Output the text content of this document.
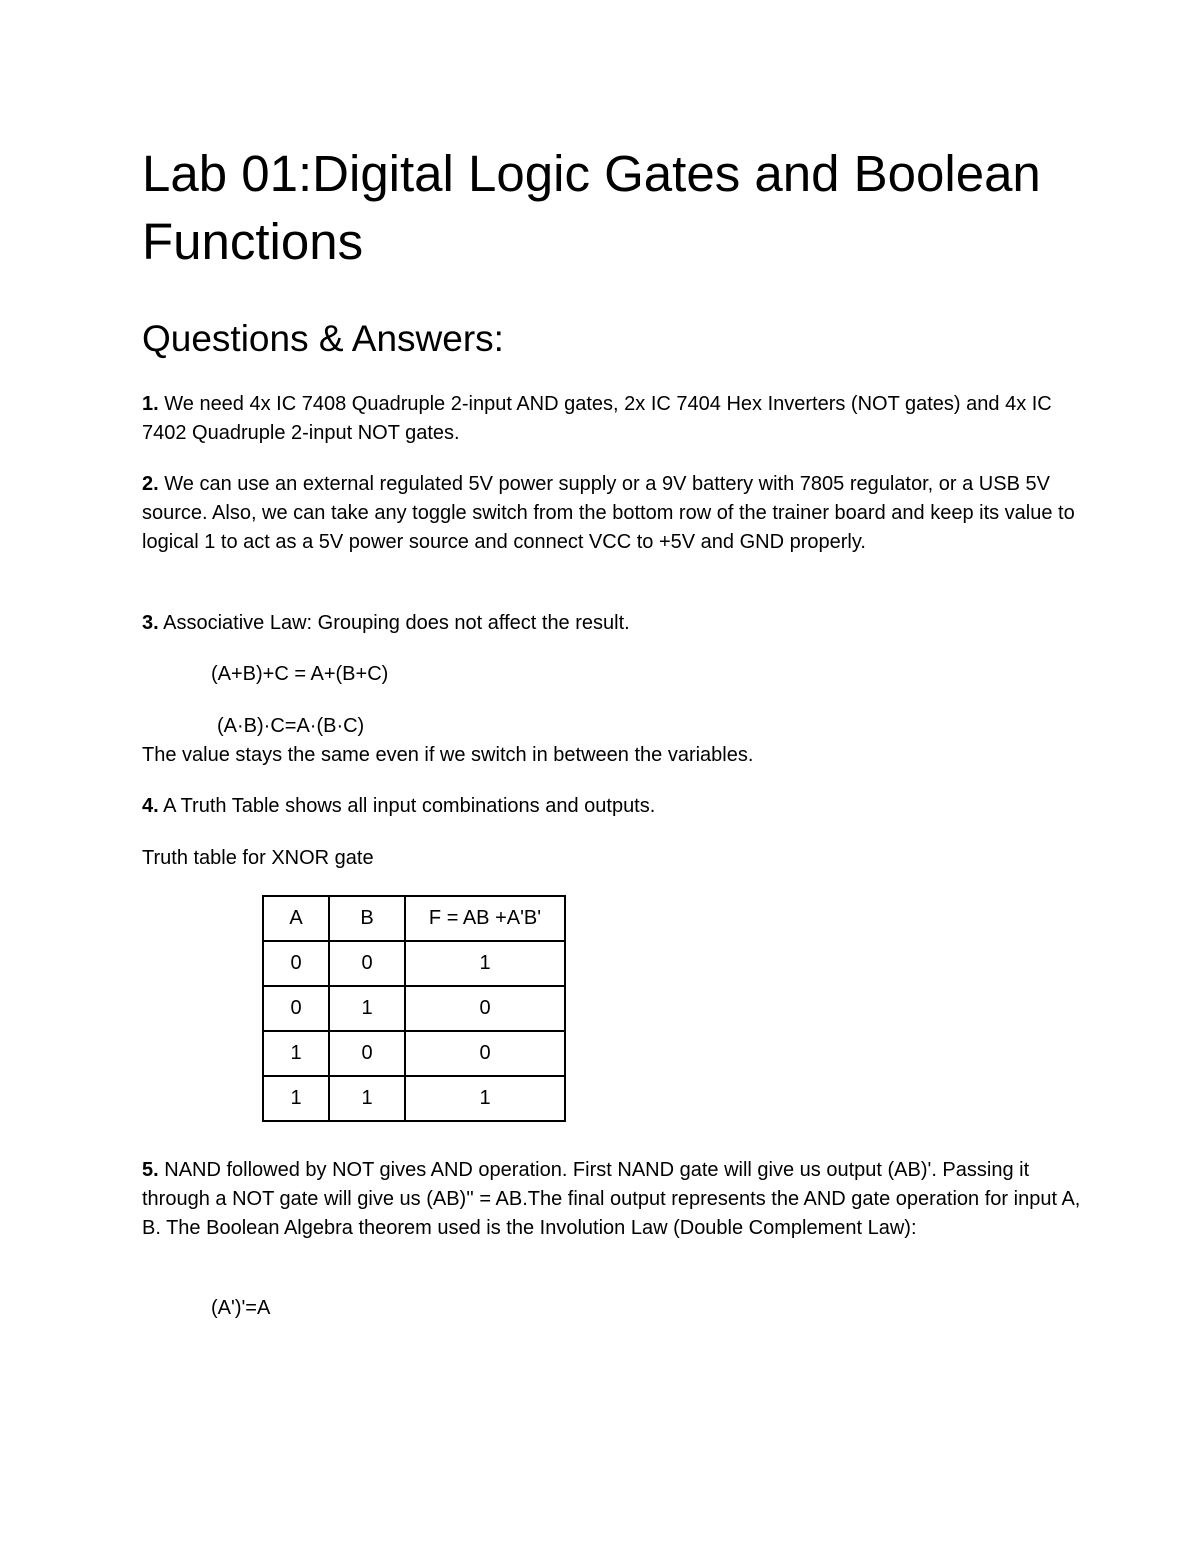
Lab 01:Digital Logic Gates and Boolean Functions
Questions & Answers:

1. We need 4x IC 7408 Quadruple 2-input AND gates, 2x IC 7404 Hex Inverters (NOT gates) and 4x IC 7402 Quadruple 2-input NOT gates.

2. We can use an external regulated 5V power supply or a 9V battery with 7805 regulator, or a USB 5V source. Also, we can take any toggle switch from the bottom row of the trainer board and keep its value to logical 1 to act as a 5V power source and connect VCC to +5V and GND properly.

3. Associative Law: Grouping does not affect the result.

(A+B)+C = A+(B+C)

(A·B)·C=A·(B·C)

The value stays the same even if we switch in between the variables.

4. A Truth Table shows all input combinations and outputs.

Truth table for XNOR gate

A	B	F = AB +A'B'
0	0	1
0	1	0
1	0	0
1	1	1

5. NAND followed by NOT gives AND operation. First NAND gate will give us output (AB)'. Passing it through a NOT gate will give us (AB)'' = AB.The final output represents the AND gate operation for input A, B. The Boolean Algebra theorem used is the Involution Law (Double Complement Law):

(A')'=A
